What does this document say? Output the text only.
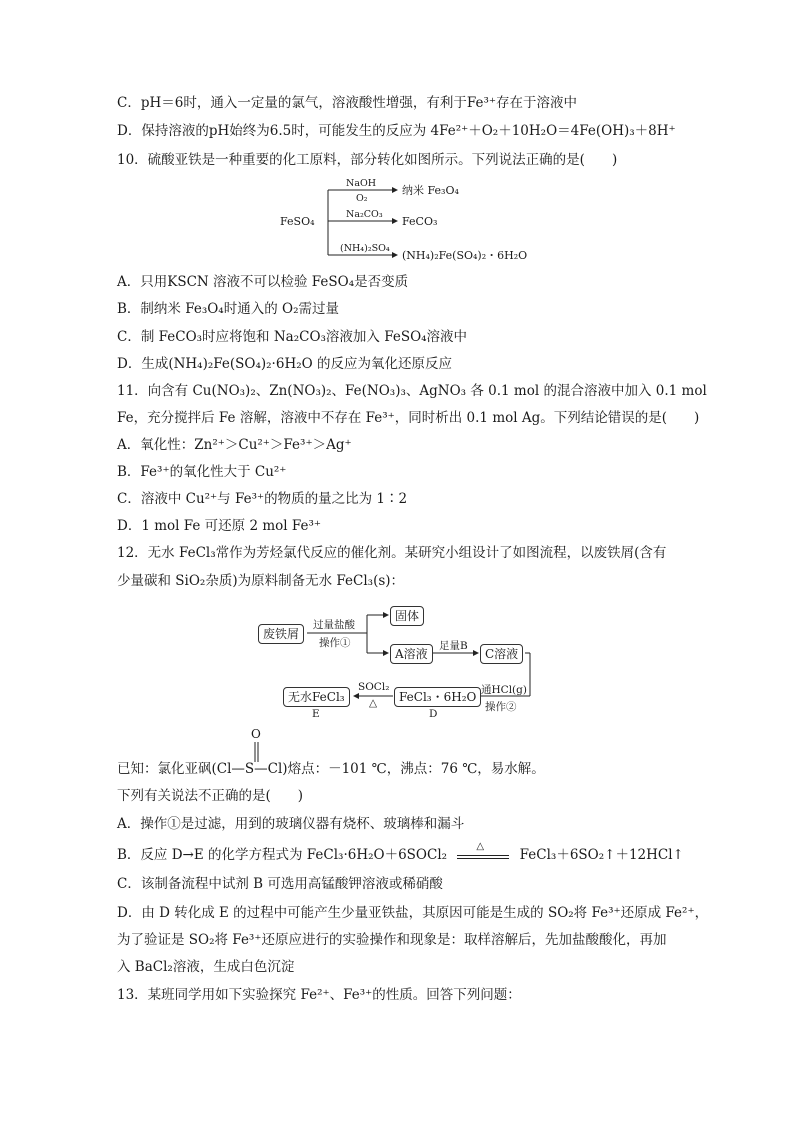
C．pH＝6时，通入一定量的氯气，溶液酸性增强，有利于Fe³⁺存在于溶液中
D．保持溶液的pH始终为6.5时，可能发生的反应为 4Fe²⁺＋O₂＋10H₂O＝4Fe(OH)₃＋8H⁺
10．硫酸亚铁是一种重要的化工原料，部分转化如图所示。下列说法正确的是(　　)
FeSO₄
NaOH
O₂
纳米 Fe₃O₄
Na₂CO₃
FeCO₃
(NH₄)₂SO₄
(NH₄)₂Fe(SO₄)₂・6H₂O
A．只用KSCN 溶液不可以检验 FeSO₄是否变质
B．制纳米 Fe₃O₄时通入的 O₂需过量
C．制 FeCO₃时应将饱和 Na₂CO₃溶液加入 FeSO₄溶液中
D．生成(NH₄)₂Fe(SO₄)₂·6H₂O 的反应为氧化还原反应
11．向含有 Cu(NO₃)₂、Zn(NO₃)₂、Fe(NO₃)₃、AgNO₃ 各 0.1 mol 的混合溶液中加入 0.1 mol
Fe，充分搅拌后 Fe 溶解，溶液中不存在 Fe³⁺，同时析出 0.1 mol Ag。下列结论错误的是(　　)
A．氧化性：Zn²⁺＞Cu²⁺＞Fe³⁺＞Ag⁺
B．Fe³⁺的氧化性大于 Cu²⁺
C．溶液中 Cu²⁺与 Fe³⁺的物质的量之比为 1∶2
D．1 mol Fe 可还原 2 mol Fe³⁺
12．无水 FeCl₃常作为芳烃氯代反应的催化剂。某研究小组设计了如图流程，以废铁屑(含有
少量碳和 SiO₂杂质)为原料制备无水 FeCl₃(s)：
废铁屑
过量盐酸
操作①
固体
A溶液
足量B
C溶液
通HCl(g)
操作②
FeCl₃・6H₂O
D
SOCl₂
△
无水FeCl₃
E
O
已知：氯化亚砜(Cl—S—Cl)熔点：－101 ℃，沸点：76 ℃，易水解。
下列有关说法不正确的是(　　)
A．操作①是过滤，用到的玻璃仪器有烧杯、玻璃棒和漏斗
B．反应 D→E 的化学方程式为 FeCl₃·6H₂O＋6SOCl₂
△
FeCl₃＋6SO₂↑＋12HCl↑
C．该制备流程中试剂 B 可选用高锰酸钾溶液或稀硝酸
D．由 D 转化成 E 的过程中可能产生少量亚铁盐，其原因可能是生成的 SO₂将 Fe³⁺还原成 Fe²⁺，
为了验证是 SO₂将 Fe³⁺还原应进行的实验操作和现象是：取样溶解后，先加盐酸酸化，再加
入 BaCl₂溶液，生成白色沉淀
13．某班同学用如下实验探究 Fe²⁺、Fe³⁺的性质。回答下列问题：
